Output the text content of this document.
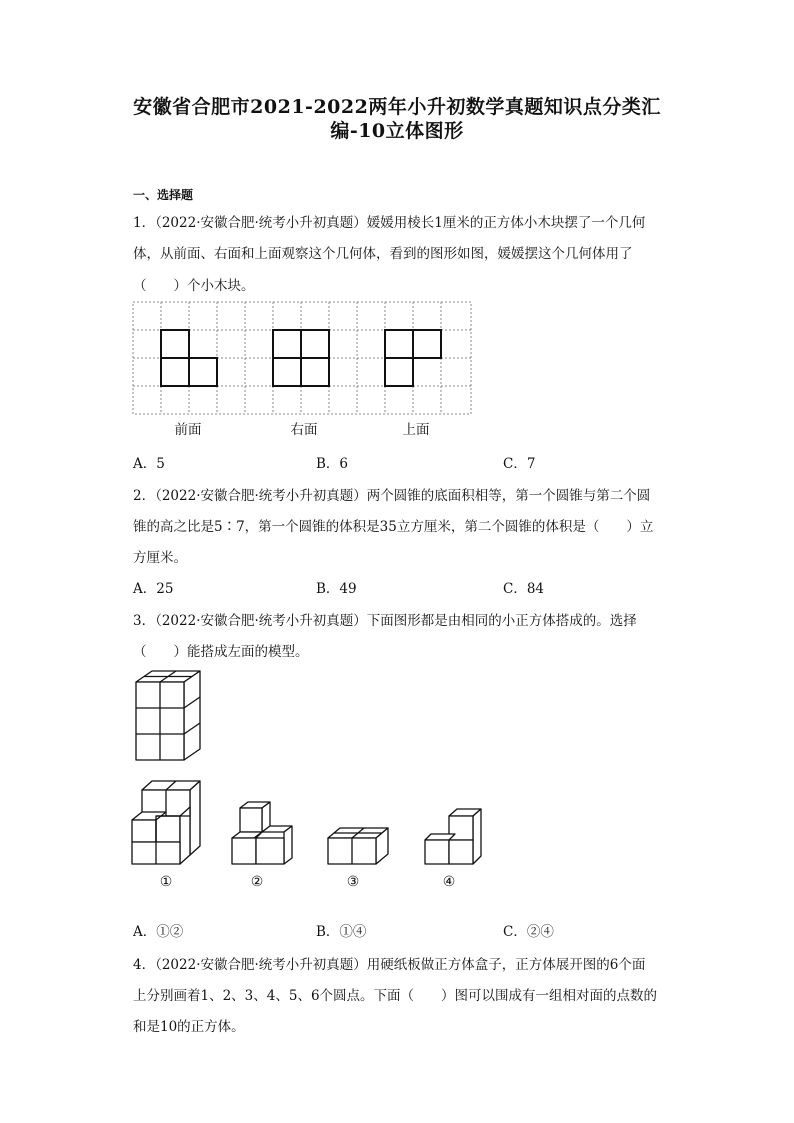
安徽省合肥市2021-2022两年小升初数学真题知识点分类汇
编-10立体图形
一、选择题
1．（2022·安徽合肥·统考小升初真题）媛媛用棱长1厘米的正方体小木块摆了一个几何
体，从前面、右面和上面观察这个几何体，看到的图形如图，媛媛摆这个几何体用了
（　　）个小木块。
前面	右面	上面
A．5	B．6	C．7
2．（2022·安徽合肥·统考小升初真题）两个圆锥的底面积相等，第一个圆锥与第二个圆
锥的高之比是5∶7，第一个圆锥的体积是35立方厘米，第二个圆锥的体积是（　　）立
方厘米。
A．25	B．49	C．84
3．（2022·安徽合肥·统考小升初真题）下面图形都是由相同的小正方体搭成的。选择
（　　）能搭成左面的模型。
①	②	③	④
A．①②	B．①④	C．②④
4．（2022·安徽合肥·统考小升初真题）用硬纸板做正方体盒子，正方体展开图的6个面
上分别画着1、2、3、4、5、6个圆点。下面（　　）图可以围成有一组相对面的点数的
和是10的正方体。
